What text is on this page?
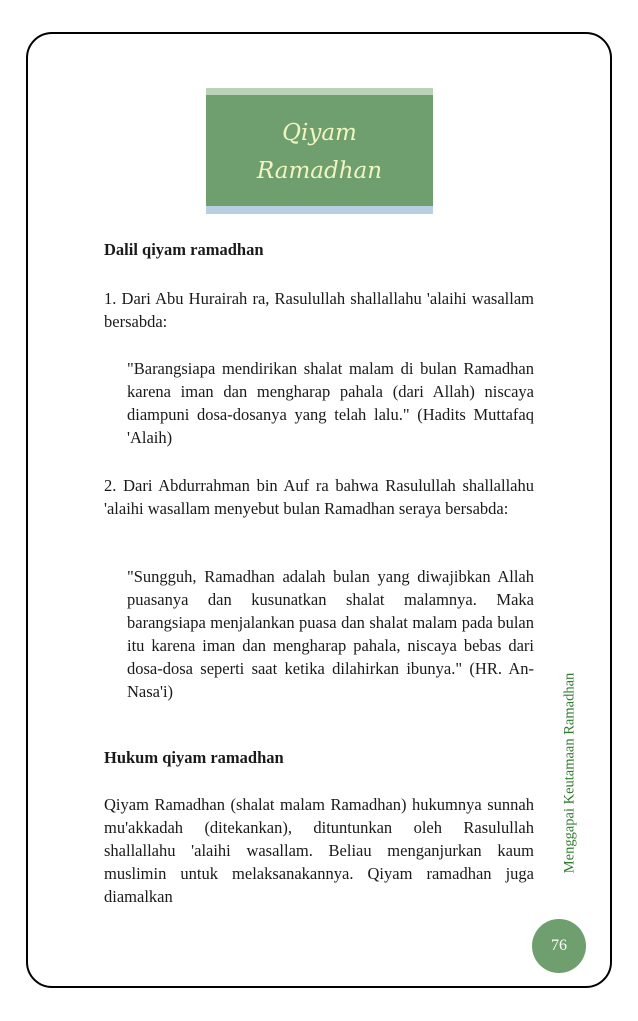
Qiyam
Ramadhan
Dalil qiyam ramadhan
1. Dari Abu Hurairah ra, Rasulullah shallallahu 'alaihi wasallam bersabda:
"Barangsiapa mendirikan shalat malam di bulan Ramadhan karena iman dan mengharap pahala (dari Allah) niscaya diampuni dosa-dosanya yang telah lalu." (Hadits Muttafaq 'Alaih)
2. Dari Abdurrahman bin Auf ra bahwa Rasulullah shallallahu 'alaihi wasallam menyebut bulan Ramadhan seraya bersabda:
"Sungguh, Ramadhan adalah bulan yang diwajibkan Allah puasanya dan kusunatkan shalat malamnya. Maka barangsiapa menjalankan puasa dan shalat malam pada bulan itu karena iman dan mengharap pahala, niscaya bebas dari dosa-dosa seperti saat ketika dilahirkan ibunya." (HR. An-Nasa'i)
Hukum qiyam ramadhan
Qiyam Ramadhan (shalat malam Ramadhan) hukumnya sunnah mu'akkadah (ditekankan), dituntunkan oleh Rasulullah shallallahu 'alaihi wasallam. Beliau menganjurkan kaum muslimin untuk melaksanakannya. Qiyam ramadhan juga diamalkan
Menggapai Keutamaan Ramadhan
76
